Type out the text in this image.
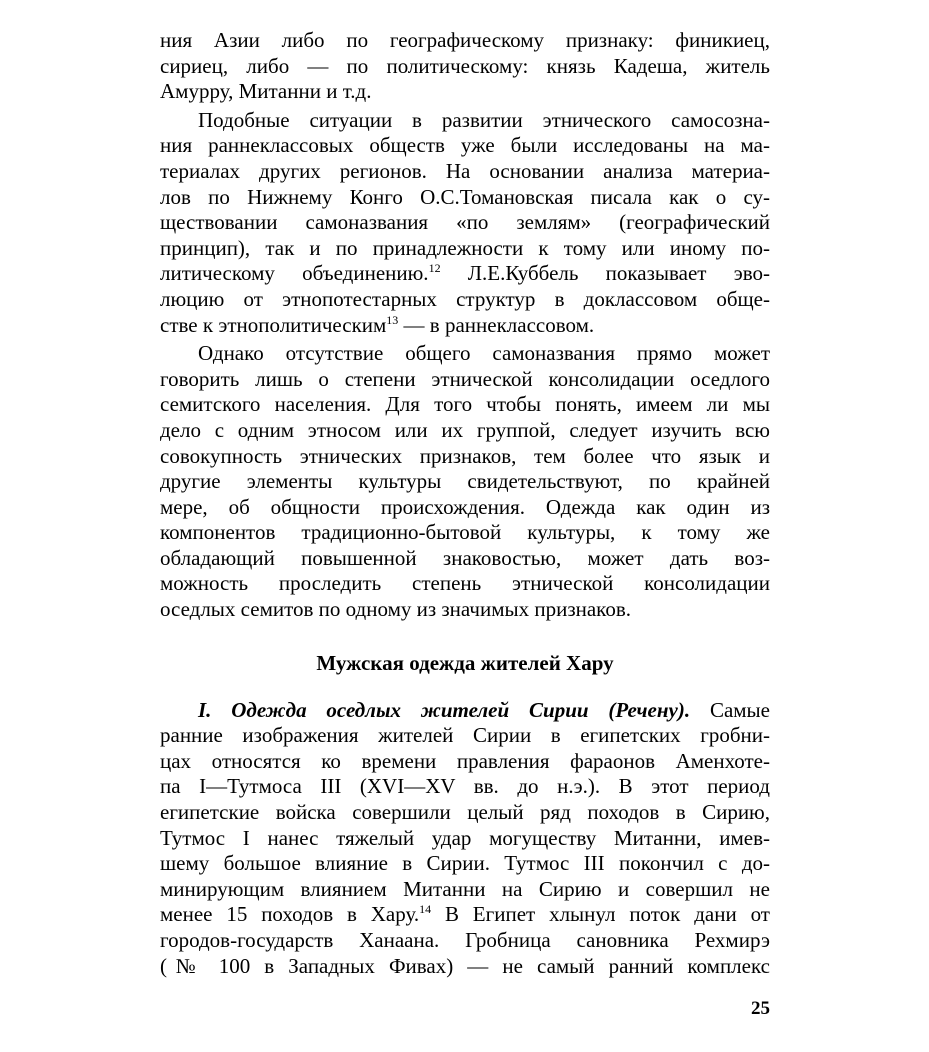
ния Азии либо по географическому признаку: финикиец,
сириец, либо — по политическому: князь Кадеша, житель
Амурру, Митанни и т.д.
Подобные ситуации в развитии этнического самосозна-
ния раннеклассовых обществ уже были исследованы на ма-
териалах других регионов. На основании анализа материа-
лов по Нижнему Конго О.С.Томановская писала как о су-
ществовании самоназвания «по землям» (географический
принцип), так и по принадлежности к тому или иному по-
литическому объединению.$^{12}$ Л.Е.Куббель показывает эво-
люцию от этнопотестарных структур в доклассовом обще-
стве к этнополитическим$^{13}$ — в раннеклассовом.
Однако отсутствие общего самоназвания прямо может
говорить лишь о степени этнической консолидации оседлого
семитского населения. Для того чтобы понять, имеем ли мы
дело с одним этносом или их группой, следует изучить всю
совокупность этнических признаков, тем более что язык и
другие элементы культуры свидетельствуют, по крайней
мере, об общности происхождения. Одежда как один из
компонентов традиционно-бытовой культуры, к тому же
обладающий повышенной знаковостью, может дать воз-
можность проследить степень этнической консолидации
оседлых семитов по одному из значимых признаков.
Мужская одежда жителей Хару
I. Одежда оседлых жителей Сирии (Речену). Самые
ранние изображения жителей Сирии в египетских гробни-
цах относятся ко времени правления фараонов Аменхоте-
па I—Тутмоса III (XVI—XV вв. до н.э.). В этот период
египетские войска совершили целый ряд походов в Сирию,
Тутмос I нанес тяжелый удар могуществу Митанни, имев-
шему большое влияние в Сирии. Тутмос III покончил с до-
минирующим влиянием Митанни на Сирию и совершил не
менее 15 походов в Хару.$^{14}$ В Египет хлынул поток дани от
городов-государств Ханаана. Гробница сановника Рехмирэ
(№ 100 в Западных Фивах) — не самый ранний комплекс
25
